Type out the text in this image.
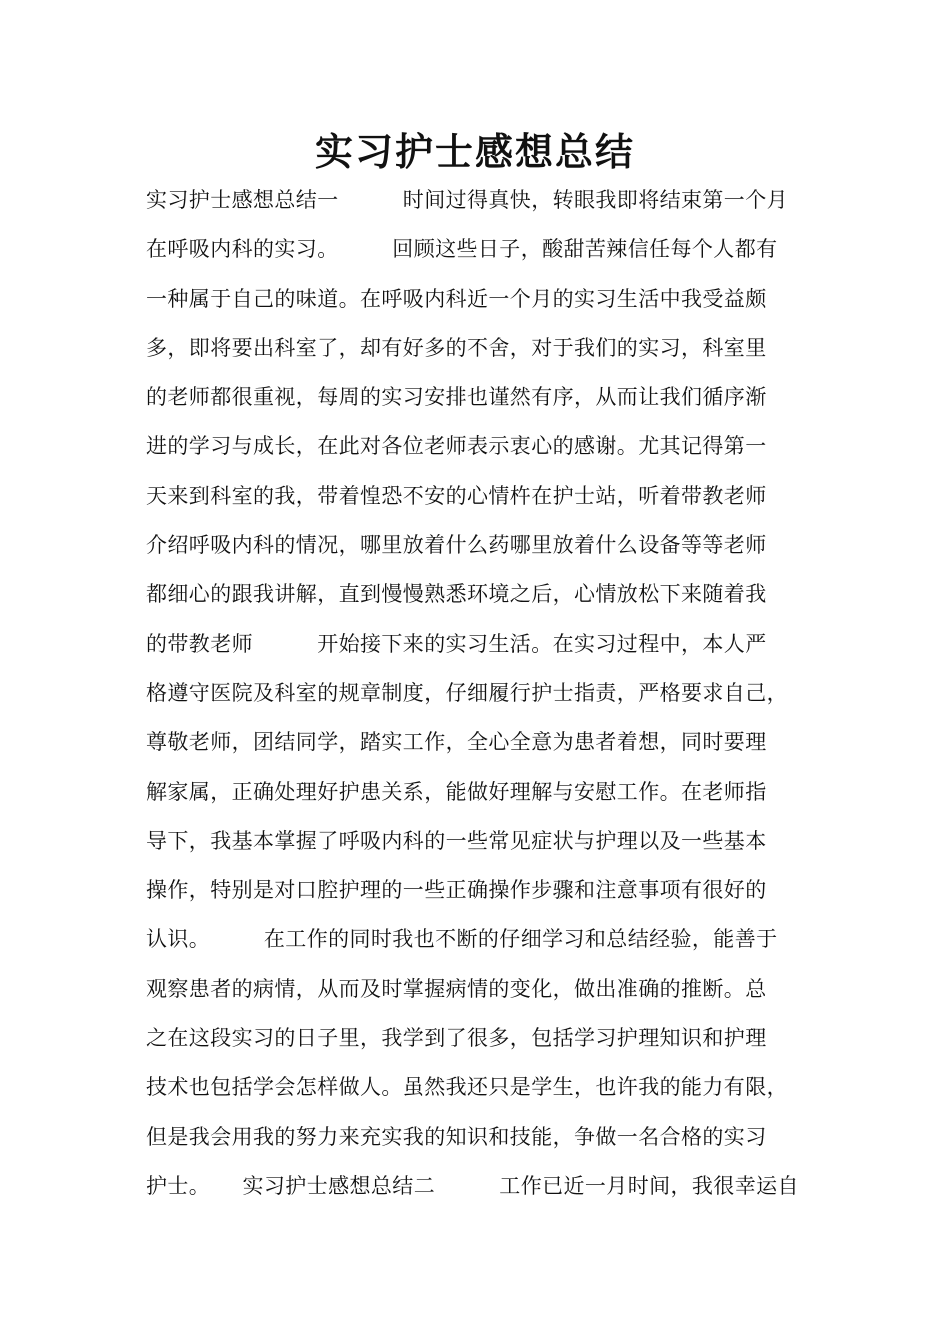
实习护士感想总结
实习护士感想总结一　　　时间过得真快，转眼我即将结束第一个月
在呼吸内科的实习。　　　回顾这些日子，酸甜苦辣信任每个人都有
一种属于自己的味道。在呼吸内科近一个月的实习生活中我受益颇
多，即将要出科室了，却有好多的不舍，对于我们的实习，科室里
的老师都很重视，每周的实习安排也谨然有序，从而让我们循序渐
进的学习与成长，在此对各位老师表示衷心的感谢。尤其记得第一
天来到科室的我，带着惶恐不安的心情杵在护士站，听着带教老师
介绍呼吸内科的情况，哪里放着什么药哪里放着什么设备等等老师
都细心的跟我讲解，直到慢慢熟悉环境之后，心情放松下来随着我
的带教老师　　　开始接下来的实习生活。在实习过程中，本人严
格遵守医院及科室的规章制度，仔细履行护士指责，严格要求自己，
尊敬老师，团结同学，踏实工作，全心全意为患者着想，同时要理
解家属，正确处理好护患关系，能做好理解与安慰工作。在老师指
导下，我基本掌握了呼吸内科的一些常见症状与护理以及一些基本
操作，特别是对口腔护理的一些正确操作步骤和注意事项有很好的
认识。　　　在工作的同时我也不断的仔细学习和总结经验，能善于
观察患者的病情，从而及时掌握病情的变化，做出准确的推断。总
之在这段实习的日子里，我学到了很多，包括学习护理知识和护理
技术也包括学会怎样做人。虽然我还只是学生，也许我的能力有限，
但是我会用我的努力来充实我的知识和技能，争做一名合格的实习
护士。　　实习护士感想总结二　　　工作已近一月时间，我很幸运自
